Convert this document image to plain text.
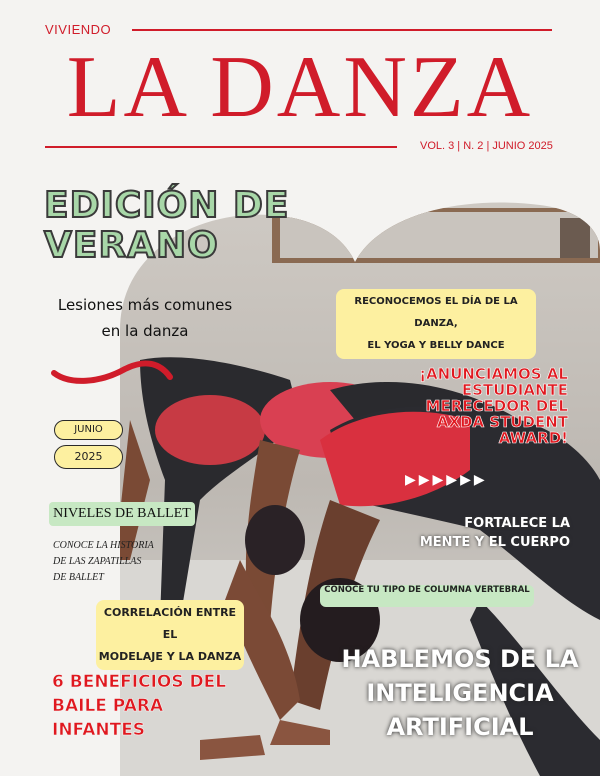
VIVIENDO
LA DANZA
VOL. 3 | N. 2 | JUNIO 2025
EDICIÓN DE
VERANO
Lesiones más comunes
en la danza
JUNIO
2025
NIVELES DE BALLET
CONOCE LA HISTORIA
DE LAS ZAPATILLAS
DE BALLET
CORRELACIÓN ENTRE EL
MODELAJE Y LA DANZA
6 BENEFICIOS DEL
BAILE PARA
INFANTES
RECONOCEMOS EL DÍA DE LA DANZA,
EL YOGA Y BELLY DANCE
¡ANUNCIAMOS AL
ESTUDIANTE
MERECEDOR DEL
AXDA STUDENT
AWARD!
▶▶▶▶▶▶
FORTALECE LA
MENTE Y EL CUERPO
CONOCE TU TIPO DE COLUMNA VERTEBRAL
HABLEMOS DE LA
INTELIGENCIA
ARTIFICIAL
